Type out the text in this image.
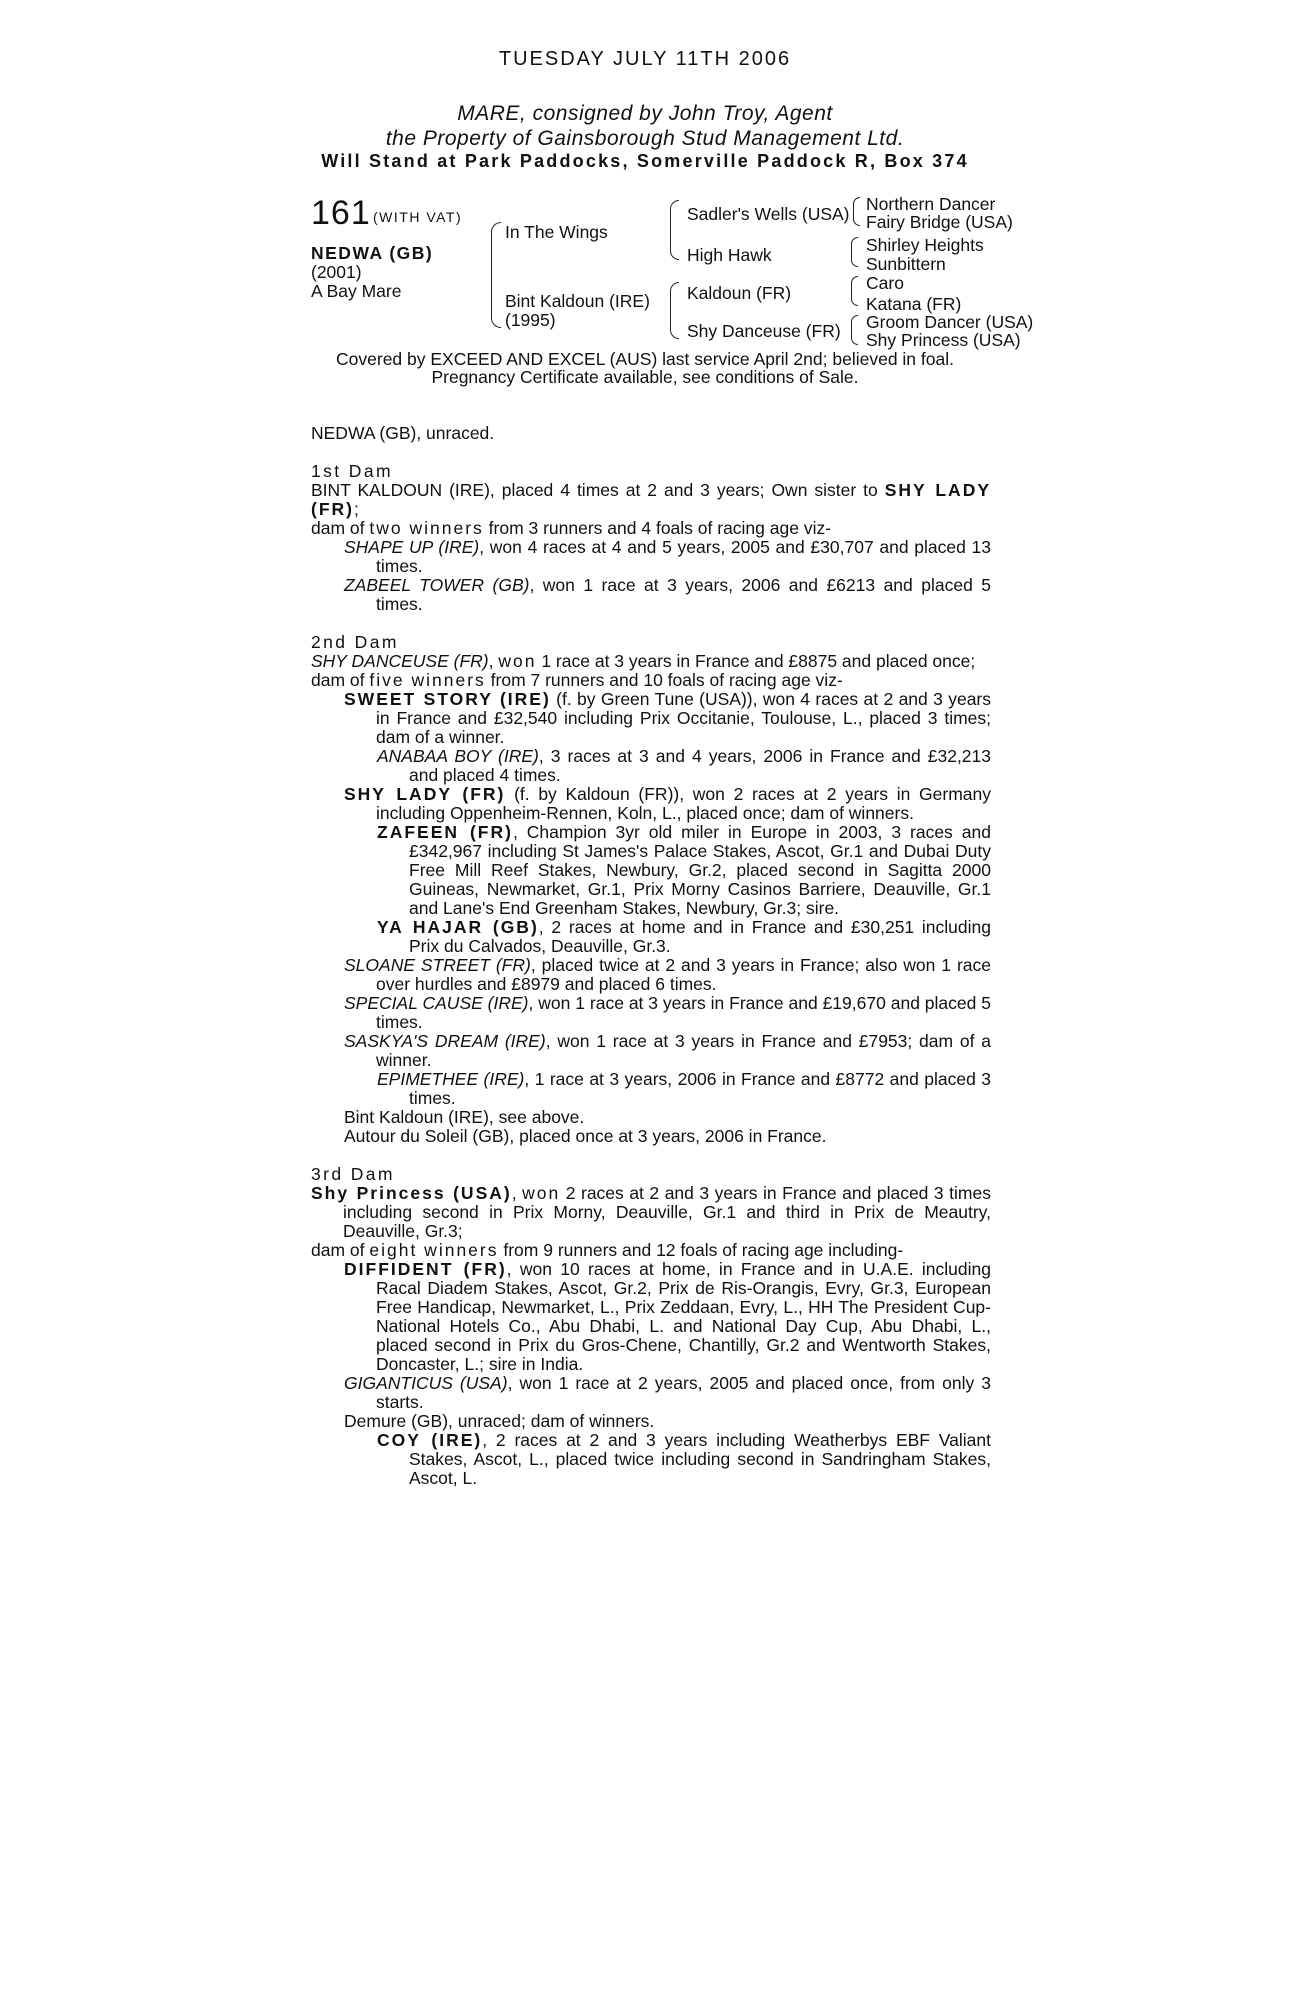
TUESDAY JULY 11TH 2006
MARE, consigned by John Troy, Agent
the Property of Gainsborough Stud Management Ltd.
Will Stand at Park Paddocks, Somerville Paddock R, Box 374
161 (WITH VAT)
NEDWA (GB)
(2001)
A Bay Mare
In The Wings
Bint Kaldoun (IRE)
(1995)
Sadler's Wells (USA)
High Hawk
Kaldoun (FR)
Shy Danceuse (FR)
Northern Dancer
Fairy Bridge (USA)
Shirley Heights
Sunbittern
Caro
Katana (FR)
Groom Dancer (USA)
Shy Princess (USA)
Covered by EXCEED AND EXCEL (AUS) last service April 2nd; believed in foal.
Pregnancy Certificate available, see conditions of Sale.

NEDWA (GB), unraced.

1st Dam

BINT KALDOUN (IRE), placed 4 times at 2 and 3 years; Own sister to SHY LADY (FR);

dam of two winners from 3 runners and 4 foals of racing age viz-

SHAPE UP (IRE), won 4 races at 4 and 5 years, 2005 and £30,707 and placed 13 times.

ZABEEL TOWER (GB), won 1 race at 3 years, 2006 and £6213 and placed 5 times.

2nd Dam

SHY DANCEUSE (FR), won 1 race at 3 years in France and £8875 and placed once;

dam of five winners from 7 runners and 10 foals of racing age viz-

SWEET STORY (IRE) (f. by Green Tune (USA)), won 4 races at 2 and 3 years in France and £32,540 including Prix Occitanie, Toulouse, L., placed 3 times; dam of a winner.

ANABAA BOY (IRE), 3 races at 3 and 4 years, 2006 in France and £32,213 and placed 4 times.

SHY LADY (FR) (f. by Kaldoun (FR)), won 2 races at 2 years in Germany including Oppenheim-Rennen, Koln, L., placed once; dam of winners.

ZAFEEN (FR), Champion 3yr old miler in Europe in 2003, 3 races and £342,967 including St James's Palace Stakes, Ascot, Gr.1 and Dubai Duty Free Mill Reef Stakes, Newbury, Gr.2, placed second in Sagitta 2000 Guineas, Newmarket, Gr.1, Prix Morny Casinos Barriere, Deauville, Gr.1 and Lane's End Greenham Stakes, Newbury, Gr.3; sire.

YA HAJAR (GB), 2 races at home and in France and £30,251 including Prix du Calvados, Deauville, Gr.3.

SLOANE STREET (FR), placed twice at 2 and 3 years in France; also won 1 race over hurdles and £8979 and placed 6 times.

SPECIAL CAUSE (IRE), won 1 race at 3 years in France and £19,670 and placed 5 times.

SASKYA'S DREAM (IRE), won 1 race at 3 years in France and £7953; dam of a winner.

EPIMETHEE (IRE), 1 race at 3 years, 2006 in France and £8772 and placed 3 times.

Bint Kaldoun (IRE), see above.

Autour du Soleil (GB), placed once at 3 years, 2006 in France.

3rd Dam

Shy Princess (USA), won 2 races at 2 and 3 years in France and placed 3 times including second in Prix Morny, Deauville, Gr.1 and third in Prix de Meautry, Deauville, Gr.3;

dam of eight winners from 9 runners and 12 foals of racing age including-

DIFFIDENT (FR), won 10 races at home, in France and in U.A.E. including Racal Diadem Stakes, Ascot, Gr.2, Prix de Ris-Orangis, Evry, Gr.3, European Free Handicap, Newmarket, L., Prix Zeddaan, Evry, L., HH The President Cup-National Hotels Co., Abu Dhabi, L. and National Day Cup, Abu Dhabi, L., placed second in Prix du Gros-Chene, Chantilly, Gr.2 and Wentworth Stakes, Doncaster, L.; sire in India.

GIGANTICUS (USA), won 1 race at 2 years, 2005 and placed once, from only 3 starts.

Demure (GB), unraced; dam of winners.

COY (IRE), 2 races at 2 and 3 years including Weatherbys EBF Valiant Stakes, Ascot, L., placed twice including second in Sandringham Stakes, Ascot, L.
